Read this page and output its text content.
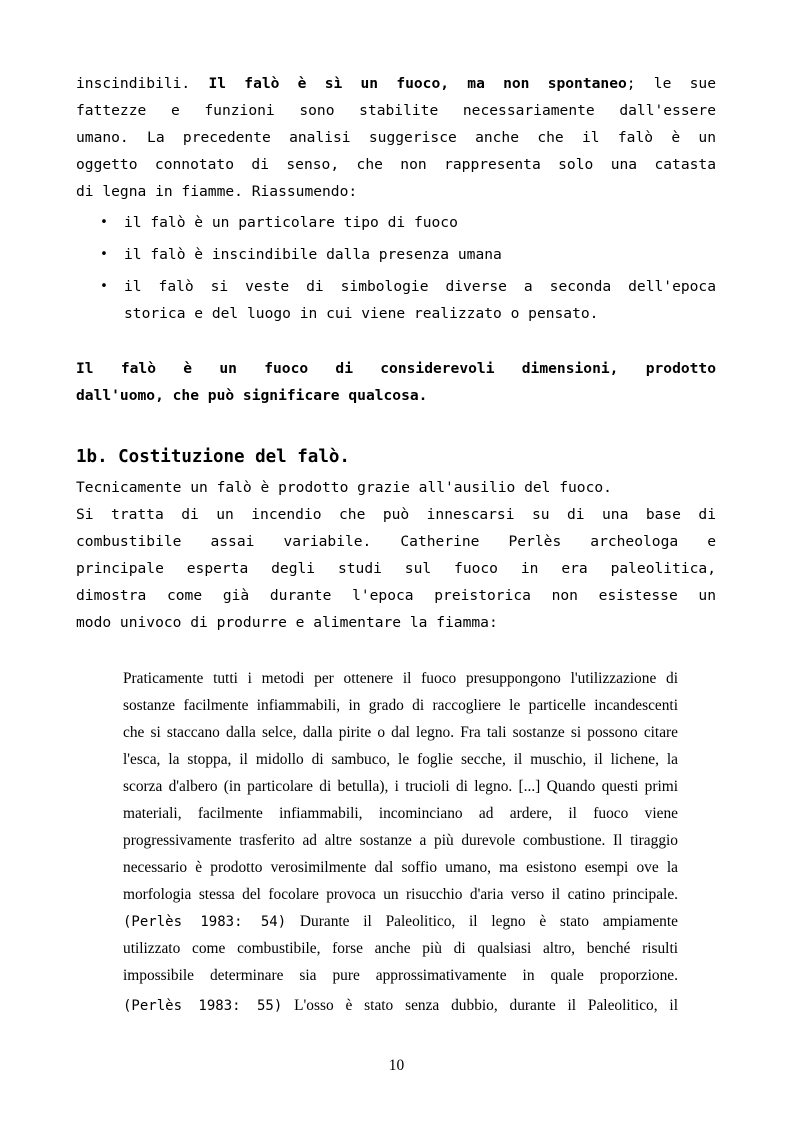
inscindibili. Il falò è sì un fuoco, ma non spontaneo; le sue
fattezze e funzioni sono stabilite necessariamente dall'essere
umano. La precedente analisi suggerisce anche che il falò è un
oggetto connotato di senso, che non rappresenta solo una catasta
di legna in fiamme. Riassumendo:
• il falò è un particolare tipo di fuoco
• il falò è inscindibile dalla presenza umana
• il falò si veste di simbologie diverse a seconda dell'epoca
storica e del luogo in cui viene realizzato o pensato.
Il falò è un fuoco di considerevoli dimensioni, prodotto
dall'uomo, che può significare qualcosa.
1b. Costituzione del falò.
Tecnicamente un falò è prodotto grazie all'ausilio del fuoco.
Si tratta di un incendio che può innescarsi su di una base di
combustibile assai variabile. Catherine Perlès archeologa e
principale esperta degli studi sul fuoco in era paleolitica,
dimostra come già durante l'epoca preistorica non esistesse un
modo univoco di produrre e alimentare la fiamma:
Praticamente tutti i metodi per ottenere il fuoco presuppongono l'utilizzazione di
sostanze facilmente infiammabili, in grado di raccogliere le particelle incandescenti
che si staccano dalla selce, dalla pirite o dal legno. Fra tali sostanze si possono citare
l'esca, la stoppa, il midollo di sambuco, le foglie secche, il muschio, il lichene, la
scorza d'albero (in particolare di betulla), i trucioli di legno. [...] Quando questi primi
materiali, facilmente infiammabili, incominciano ad ardere, il fuoco viene
progressivamente trasferito ad altre sostanze a più durevole combustione. Il tiraggio
necessario è prodotto verosimilmente dal soffio umano, ma esistono esempi ove la
morfologia stessa del focolare provoca un risucchio d'aria verso il catino principale.
(Perlès 1983: 54) Durante il Paleolitico, il legno è stato ampiamente
utilizzato come combustibile, forse anche più di qualsiasi altro, benché risulti
impossibile determinare sia pure approssimativamente in quale proporzione.
(Perlès 1983: 55) L'osso è stato senza dubbio, durante il Paleolitico, il
10
